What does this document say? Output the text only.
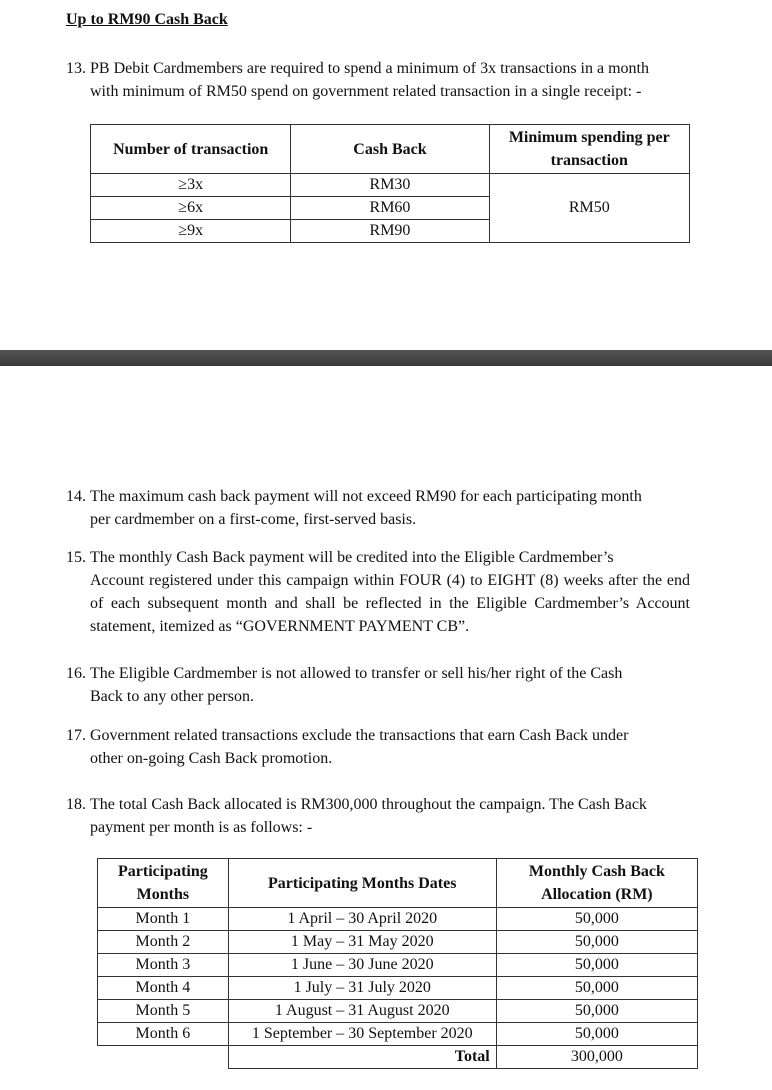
Up to RM90 Cash Back
13. PB Debit Cardmembers are required to spend a minimum of 3x transactions in a month
with minimum of RM50 spend on government related transaction in a single receipt: -
Number of transaction	Cash Back	Minimum spending per transaction
≥3x	RM30	RM50
≥6x	RM60	
≥9x	RM90	
14. The maximum cash back payment will not exceed RM90 for each participating month
per cardmember on a first-come, first-served basis.
15. The monthly Cash Back payment will be credited into the Eligible Cardmember’s
Account registered under this campaign within FOUR (4) to EIGHT (8) weeks after the end of each subsequent month and shall be reflected in the Eligible Cardmember’s Account statement, itemized as “GOVERNMENT PAYMENT CB”.
16. The Eligible Cardmember is not allowed to transfer or sell his/her right of the Cash
Back to any other person.
17. Government related transactions exclude the transactions that earn Cash Back under
other on-going Cash Back promotion.
18. The total Cash Back allocated is RM300,000 throughout the campaign. The Cash Back
payment per month is as follows: -
Participating Months	Participating Months Dates	Monthly Cash Back Allocation (RM)
Month 1	1 April – 30 April 2020	50,000
Month 2	1 May – 31 May 2020	50,000
Month 3	1 June – 30 June 2020	50,000
Month 4	1 July – 31 July 2020	50,000
Month 5	1 August – 31 August 2020	50,000
Month 6	1 September – 30 September 2020	50,000
	Total	300,000
